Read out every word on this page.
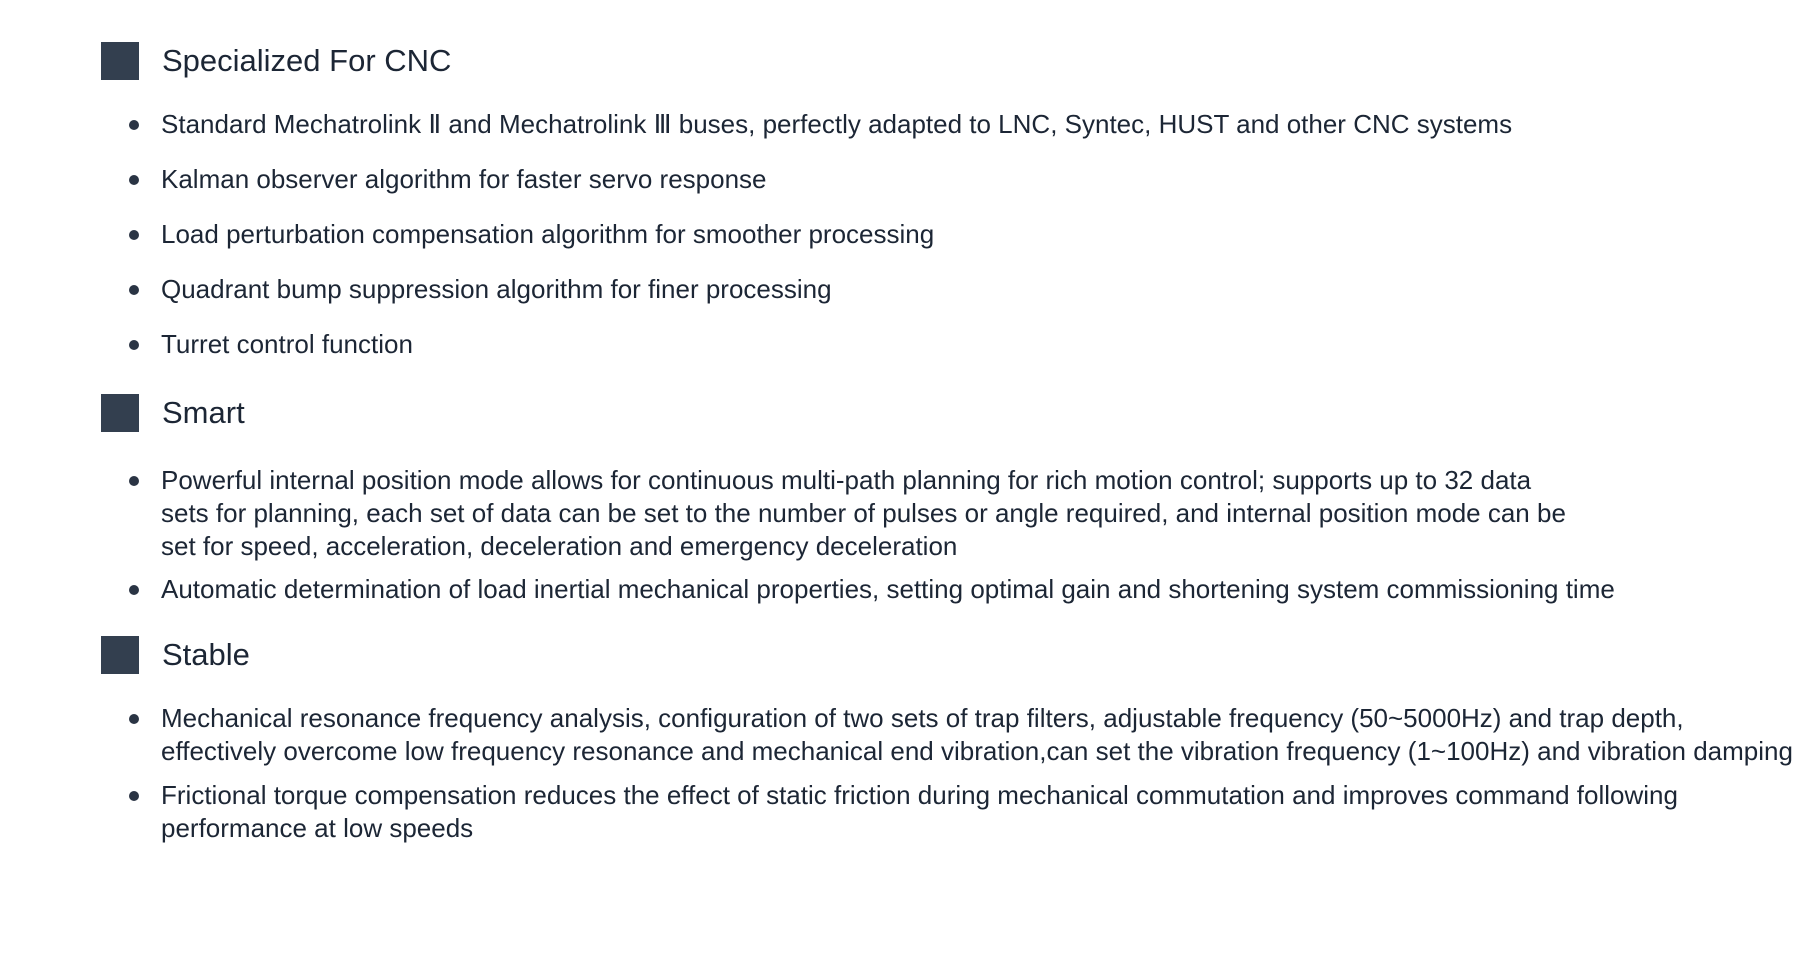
Specialized For CNC
Standard Mechatrolink Ⅱ and Mechatrolink Ⅲ buses, perfectly adapted to LNC, Syntec, HUST and other CNC systems
Kalman observer algorithm for faster servo response
Load perturbation compensation algorithm for smoother processing
Quadrant bump suppression algorithm for finer processing
Turret control function
Smart
Powerful internal position mode allows for continuous multi-path planning for rich motion control; supports up to 32 data sets for planning, each set of data can be set to the number of pulses or angle required, and internal position mode can be set for speed, acceleration, deceleration and emergency deceleration
Automatic determination of load inertial mechanical properties, setting optimal gain and shortening system commissioning time
Stable
Mechanical resonance frequency analysis, configuration of two sets of trap filters, adjustable frequency (50~5000Hz) and trap depth, effectively overcome low frequency resonance and mechanical end vibration,can set the vibration frequency (1~100Hz) and vibration damping
Frictional torque compensation reduces the effect of static friction during mechanical commutation and improves command following performance at low speeds
